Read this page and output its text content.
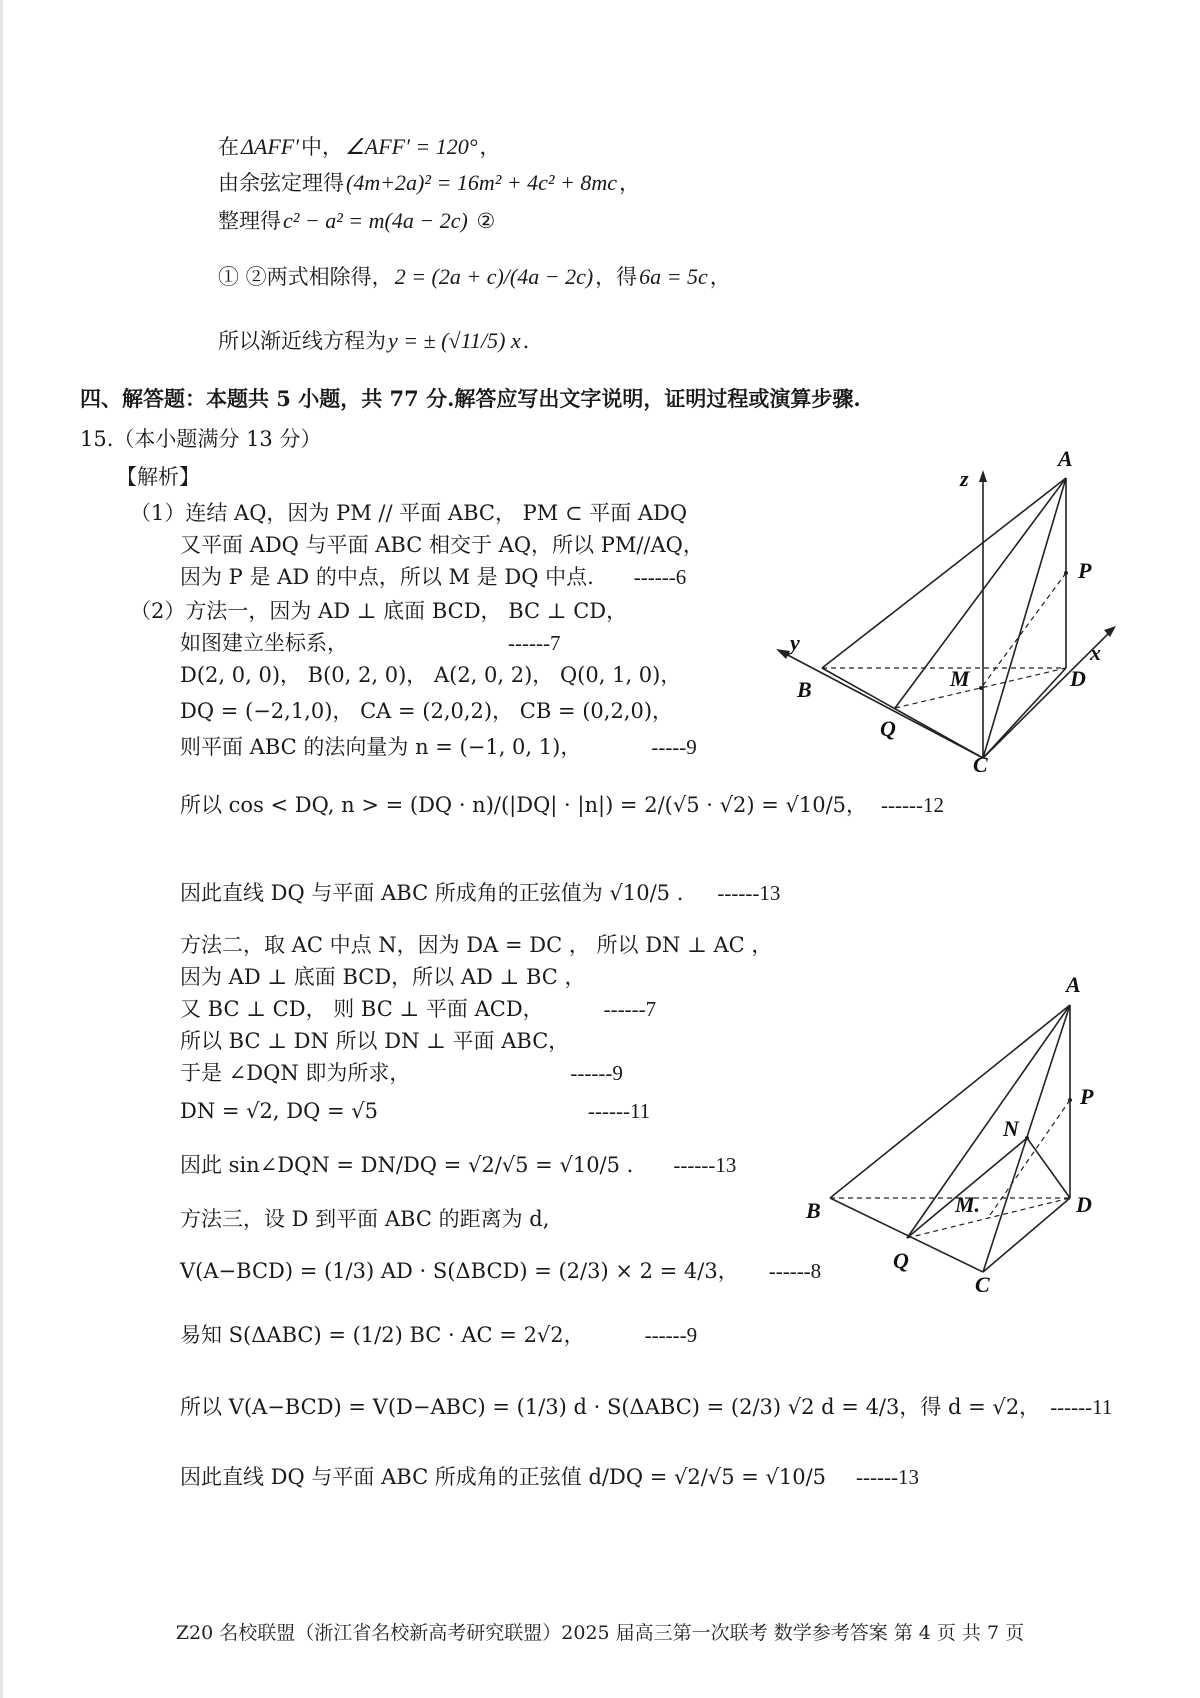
在ΔAFF′中，∠AFF′ = 120°，
由余弦定理得(4m+2a)² = 16m² + 4c² + 8mc，
整理得c² − a² = m(4a − 2c) ②
① ②两式相除得，2 = (2a + c)/(4a − 2c)，得6a = 5c，
所以渐近线方程为y = ± (√11/5) x.
四、解答题：本题共 5 小题，共 77 分.解答应写出文字说明，证明过程或演算步骤.
15.（本小题满分 13 分）
【解析】
（1）连结 AQ，因为 PM // 平面 ABC， PM ⊂ 平面 ADQ
又平面 ADQ 与平面 ABC 相交于 AQ，所以 PM//AQ，
因为 P 是 AD 的中点，所以 M 是 DQ 中点. ------6
（2）方法一，因为 AD ⊥ 底面 BCD， BC ⊥ CD，
如图建立坐标系，	------7
D(2, 0, 0)， B(0, 2, 0)， A(2, 0, 2)， Q(0, 1, 0)，
DQ = (−2,1,0)， CA = (2,0,2)， CB = (0,2,0)，
则平面 ABC 的法向量为 n = (−1, 0, 1)，	-----9
所以 cos < DQ, n > = (DQ · n)/(|DQ| · |n|) = 2/(√5 · √2) = √10/5， ------12
因此直线 DQ 与平面 ABC 所成角的正弦值为 √10/5 . ------13
方法二，取 AC 中点 N，因为 DA = DC ， 所以 DN ⊥ AC ，
因为 AD ⊥ 底面 BCD，所以 AD ⊥ BC ，
又 BC ⊥ CD， 则 BC ⊥ 平面 ACD，	------7
所以 BC ⊥ DN 所以 DN ⊥ 平面 ABC，
于是 ∠DQN 即为所求，	------9
DN = √2, DQ = √5	------11
因此 sin∠DQN = DN/DQ = √2/√5 = √10/5 . ------13
方法三，设 D 到平面 ABC 的距离为 d,
V(A−BCD) = (1/3) AD · S(ΔBCD) = (2/3) × 2 = 4/3， ------8
易知 S(ΔABC) = (1/2) BC · AC = 2√2，	------9
所以 V(A−BCD) = V(D−ABC) = (1/3) d · S(ΔABC) = (2/3) √2 d = 4/3，得 d = √2， ------11
因此直线 DQ 与平面 ABC 所成角的正弦值 d/DQ = √2/√5 = √10/5 ------13
z
A
P
y	x
B	M	D
Q
C
A
P
N
B	M.	D
Q
C
Z20 名校联盟（浙江省名校新高考研究联盟）2025 届高三第一次联考 数学参考答案 第 4 页 共 7 页
